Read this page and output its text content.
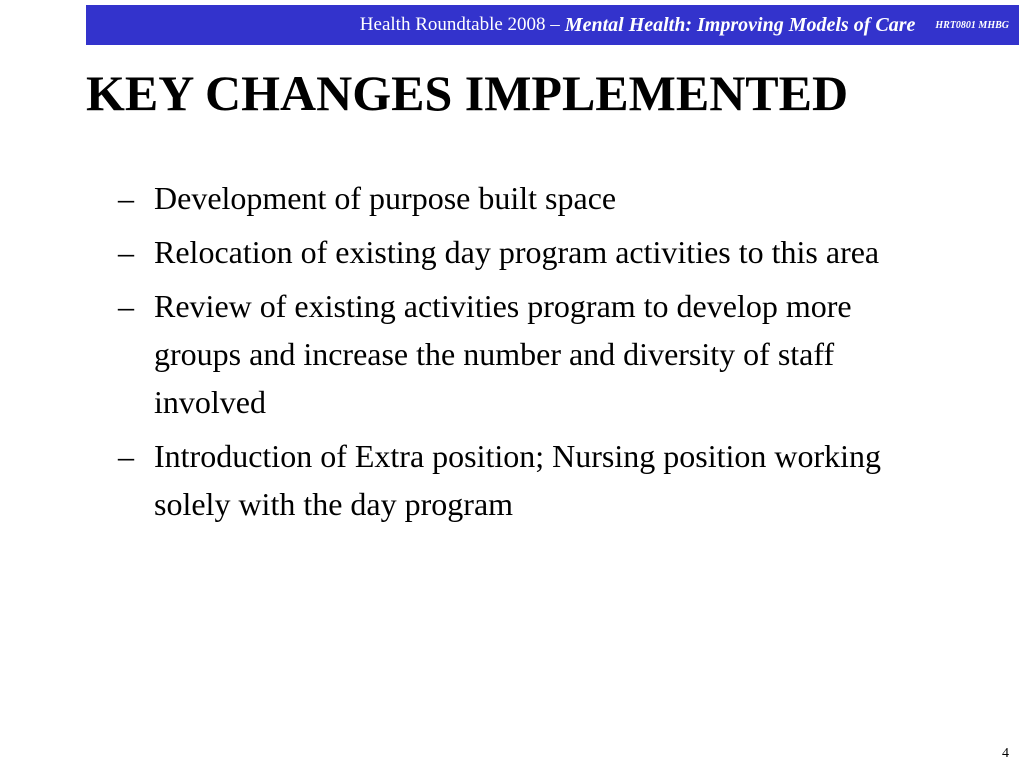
Health Roundtable 2008 – Mental Health: Improving Models of Care HRT0801 MHBG
KEY CHANGES IMPLEMENTED
– Development of purpose built space
– Relocation of existing day program activities to this area
– Review of existing activities program to develop more groups and increase the number and diversity of staff involved
– Introduction of Extra position; Nursing position working solely with the day program
4
